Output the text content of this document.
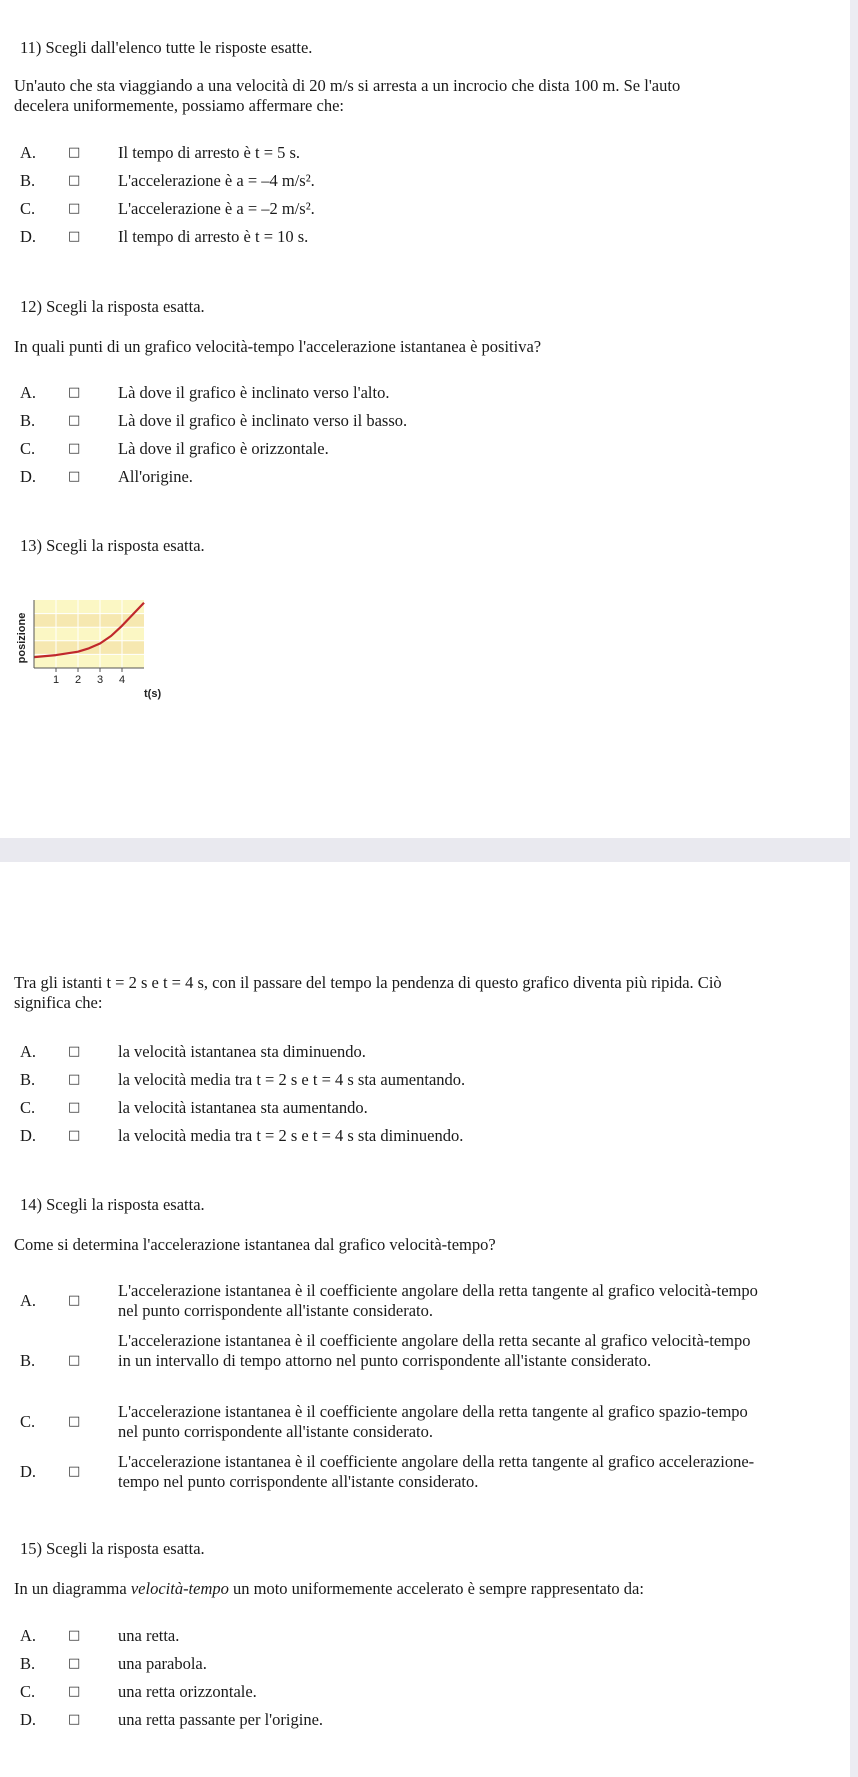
11) Scegli dall'elenco tutte le risposte esatte.
Un'auto che sta viaggiando a una velocità di 20 m/s si arresta a un incrocio che dista 100 m. Se l'auto decelera uniformemente, possiamo affermare che:
A. □ Il tempo di arresto è t = 5 s.
B.	□ L'accelerazione è a = –4 m/s².
C.	□ L'accelerazione è a = –2 m/s².
D. □ Il tempo di arresto è t = 10 s.
12) Scegli la risposta esatta.
In quali punti di un grafico velocità-tempo l'accelerazione istantanea è positiva?
A. □ Là dove il grafico è inclinato verso l'alto.
B.	□ Là dove il grafico è inclinato verso il basso.
C.	□ Là dove il grafico è orizzontale.
D. □ All'origine.
13) Scegli la risposta esatta.
1 2 3 4
posizione
t(s)
Tra gli istanti t = 2 s e t = 4 s, con il passare del tempo la pendenza di questo grafico diventa più ripida. Ciò significa che:
A. □ la velocità istantanea sta diminuendo.
B.	□ la velocità media tra t = 2 s e t = 4 s sta aumentando.
C.	□ la velocità istantanea sta aumentando.
D. □ la velocità media tra t = 2 s e t = 4 s sta diminuendo.
14) Scegli la risposta esatta.
Come si determina l'accelerazione istantanea dal grafico velocità-tempo?
A. □
L'accelerazione istantanea è il coefficiente angolare della retta tangente al grafico velocità-tempo nel punto corrispondente all'istante considerato.
B.	□
L'accelerazione istantanea è il coefficiente angolare della retta secante al grafico velocità-tempo in un intervallo di tempo attorno nel punto corrispondente all'istante considerato.
C.	□
L'accelerazione istantanea è il coefficiente angolare della retta tangente al grafico spazio-tempo nel punto corrispondente all'istante considerato.
D. □
L'accelerazione istantanea è il coefficiente angolare della retta tangente al grafico accelerazione-tempo nel punto corrispondente all'istante considerato.
15) Scegli la risposta esatta.
In un diagramma velocità-tempo un moto uniformemente accelerato è sempre rappresentato da:
A. □ una retta.
B.	□ una parabola.
C.	□ una retta orizzontale.
D. □ una retta passante per l'origine.
